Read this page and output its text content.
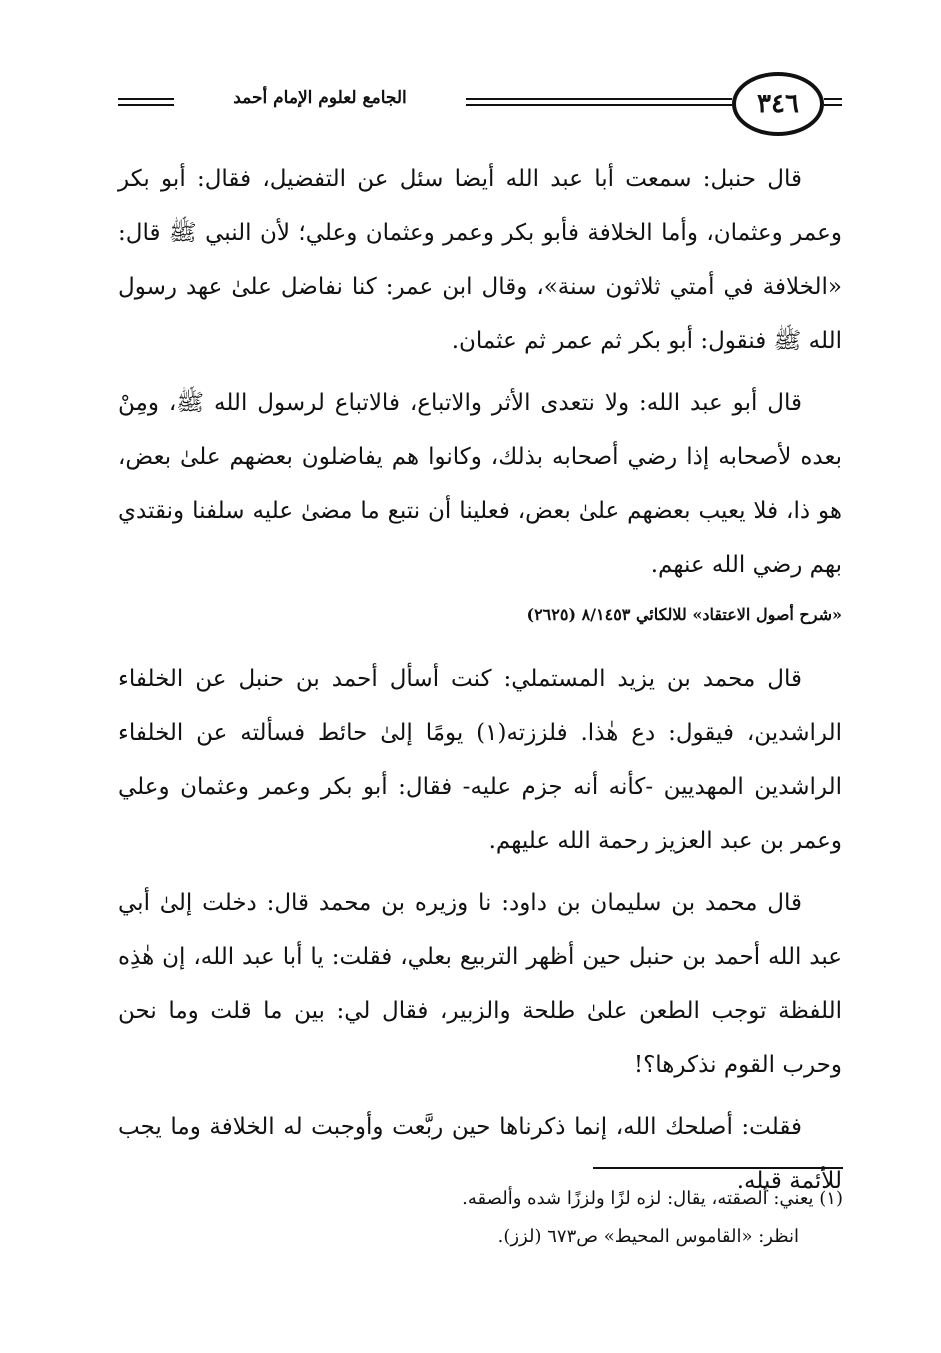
٣٤٦
الجامع لعلوم الإمام أحمد

قال حنبل: سمعت أبا عبد الله أيضا سئل عن التفضيل، فقال: أبو بكر وعمر وعثمان، وأما الخلافة فأبو بكر وعمر وعثمان وعلي؛ لأن النبي ﷺ قال: «الخلافة في أمتي ثلاثون سنة»، وقال ابن عمر: كنا نفاضل علىٰ عهد رسول الله ﷺ فنقول: أبو بكر ثم عمر ثم عثمان.

قال أبو عبد الله: ولا نتعدى الأثر والاتباع، فالاتباع لرسول الله ﷺ، ومِنْ بعده لأصحابه إذا رضي أصحابه بذلك، وكانوا هم يفاضلون بعضهم علىٰ بعض، هو ذا، فلا يعيب بعضهم علىٰ بعض، فعلينا أن نتبع ما مضىٰ عليه سلفنا ونقتدي بهم رضي الله عنهم.

«شرح أصول الاعتقاد» للالكائي ٨/١٤٥٣ (٢٦٢٥)

قال محمد بن يزيد المستملي: كنت أسأل أحمد بن حنبل عن الخلفاء الراشدين، فيقول: دع هٰذا. فلززته(١) يومًا إلىٰ حائط فسألته عن الخلفاء الراشدين المهديين -كأنه أنه جزم عليه- فقال: أبو بكر وعمر وعثمان وعلي وعمر بن عبد العزيز رحمة الله عليهم.

قال محمد بن سليمان بن داود: نا وزيره بن محمد قال: دخلت إلىٰ أبي عبد الله أحمد بن حنبل حين أظهر التربيع بعلي، فقلت: يا أبا عبد الله، إن هٰذِه اللفظة توجب الطعن علىٰ طلحة والزبير، فقال لي: بين ما قلت وما نحن وحرب القوم نذكرها؟!

فقلت: أصلحك الله، إنما ذكرناها حين ربَّعت وأوجبت له الخلافة وما يجب للأئمة قبله.

(١) يعني: ألصقته، يقال: لزه لزًا ولززًا شده وألصقه.

انظر: «القاموس المحيط» ص٦٧٣ (لزز).
